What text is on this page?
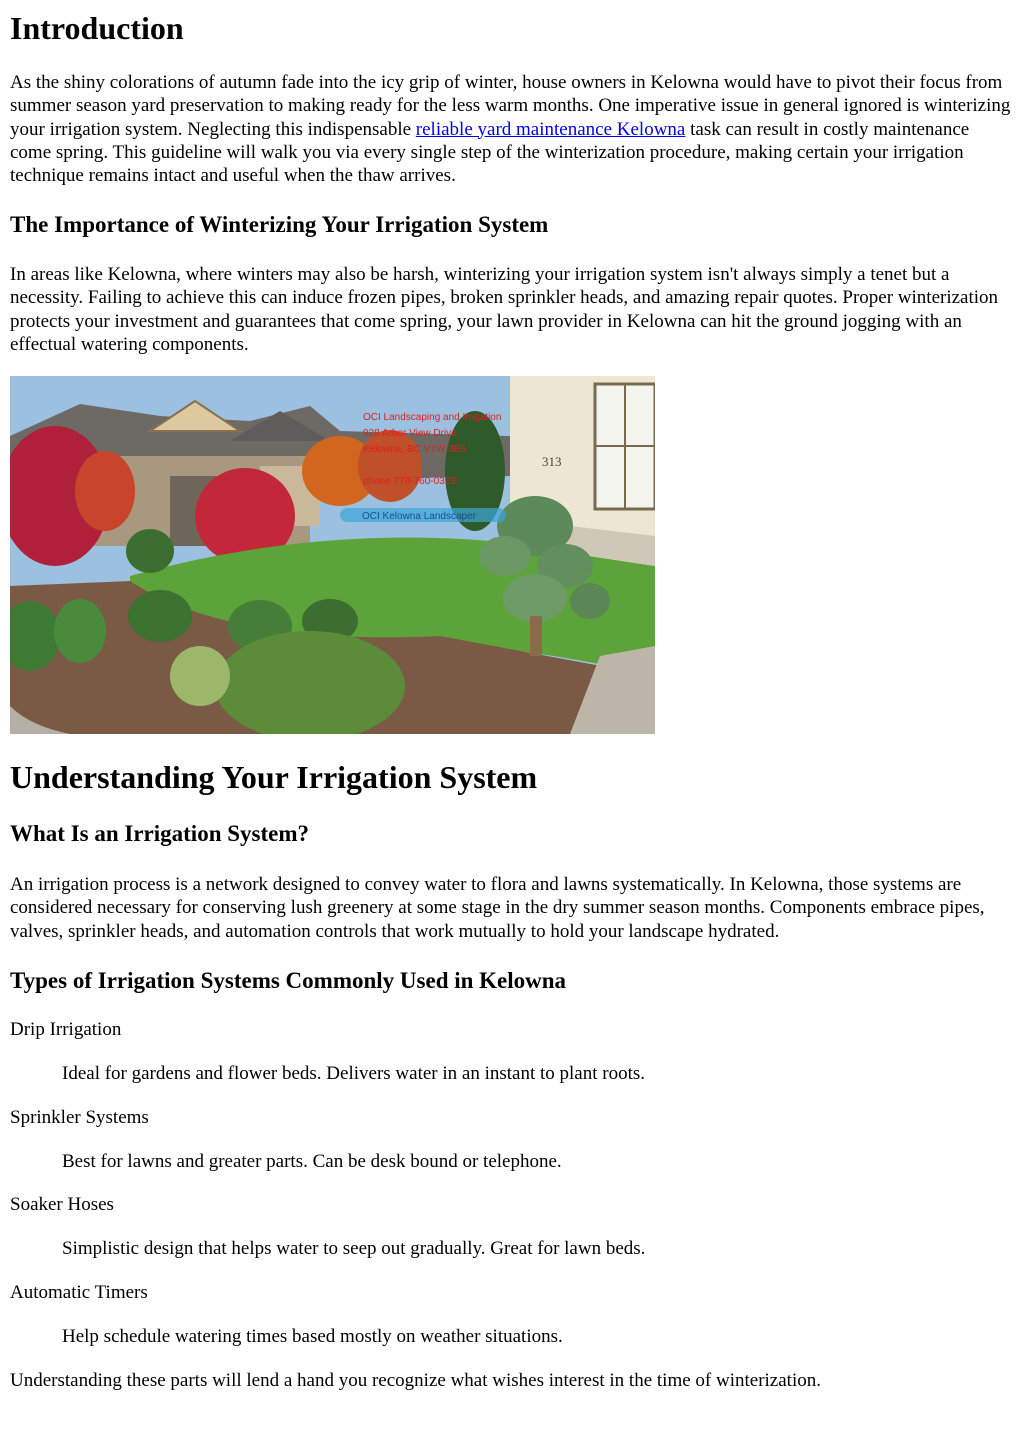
Introduction

As the shiny colorations of autumn fade into the icy grip of winter, house owners in Kelowna would have to pivot their focus from summer season yard preservation to making ready for the less warm months. One imperative issue in general ignored is winterizing your irrigation system. Neglecting this indispensable reliable yard maintenance Kelowna task can result in costly maintenance come spring. This guideline will walk you via every single step of the winterization procedure, making certain your irrigation technique remains intact and useful when the thaw arrives.

The Importance of Winterizing Your Irrigation System

In areas like Kelowna, where winters may also be harsh, winterizing your irrigation system isn't always simply a tenet but a necessity. Failing to achieve this can induce frozen pipes, broken sprinkler heads, and amazing repair quotes. Proper winterization protects your investment and guarantees that come spring, your lawn provider in Kelowna can hit the ground jogging with an effectual watering components.

313
OCI Landscaping and Irrigation
928 Arbor View Drive
Kelowna, BC V1W 3B6
phone 778-760-0323
OCI Kelowna Landscaper
Understanding Your Irrigation System
What Is an Irrigation System?

An irrigation process is a network designed to convey water to flora and lawns systematically. In Kelowna, those systems are considered necessary for conserving lush greenery at some stage in the dry summer season months. Components embrace pipes, valves, sprinkler heads, and automation controls that work mutually to hold your landscape hydrated.

Types of Irrigation Systems Commonly Used in Kelowna
Drip Irrigation
Ideal for gardens and flower beds. Delivers water in an instant to plant roots.
Sprinkler Systems
Best for lawns and greater parts. Can be desk bound or telephone.
Soaker Hoses
Simplistic design that helps water to seep out gradually. Great for lawn beds.
Automatic Timers
Help schedule watering times based mostly on weather situations.

Understanding these parts will lend a hand you recognize what wishes interest in the time of winterization.
